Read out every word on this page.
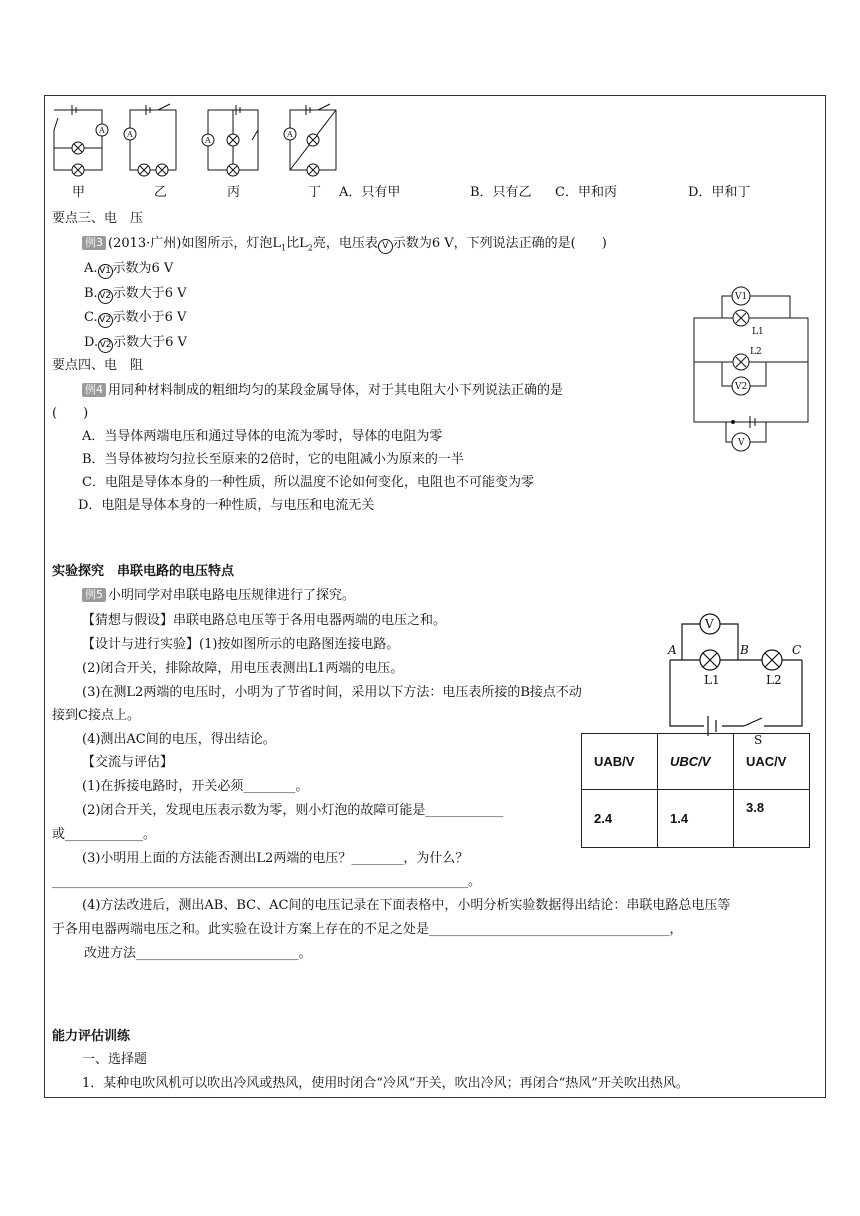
A	A
A
A
甲	乙	丙	丁 A．只有甲	B．只有乙 C．甲和丙	D．甲和丁
要点三、电　压
例3 (2013·广州)如图所示，灯泡$L_1$比$L_2$亮，电压表 V 示数为6 V，下列说法正确的是(　　)
A. V1 示数为6 V
B. V2 示数大于6 V
C. V2 示数小于6 V
D. V2 示数大于6 V
V1
L1
L2
V2
V
要点四、电　阻
例4 用同种材料制成的粗细均匀的某段金属导体，对于其电阻大小下列说法正确的是
(　　)
A．当导体两端电压和通过导体的电流为零时，导体的电阻为零
B．当导体被均匀拉长至原来的2倍时，它的电阻减小为原来的一半
C．电阻是导体本身的一种性质，所以温度不论如何变化，电阻也不可能变为零
D．电阻是导体本身的一种性质，与电压和电流无关
实验探究　串联电路的电压特点
例5 小明同学对串联电路电压规律进行了探究。
【猜想与假设】串联电路总电压等于各用电器两端的电压之和。
【设计与进行实验】(1)按如图所示的电路图连接电路。
(2)闭合开关，排除故障，用电压表测出L1两端的电压。
(3)在测L2两端的电压时，小明为了节省时间，采用以下方法：电压表所接的B接点不动
接到C接点上。
(4)测出AC间的电压，得出结论。
【交流与评估】
(1)在拆接电路时，开关必须________。
(2)闭合开关，发现电压表示数为零，则小灯泡的故障可能是____________
或____________。
(3)小明用上面的方法能否测出L2两端的电压？________，为什么？
________________________________________________________________。
(4)方法改进后，测出AB、BC、AC间的电压记录在下面表格中，小明分析实验数据得出结论：串联电路总电压等
于各用电器两端电压之和。此实验在设计方案上存在的不足之处是_____________________________________，
改进方法_________________________。
A	B	C
V
L1	L2
S
UAB/V	UBC/V	UAC/V
2.4	1.4	3.8
能力评估训练
一、选择题
1．某种电吹风机可以吹出冷风或热风，使用时闭合“冷风”开关，吹出冷风；再闭合“热风”开关吹出热风。
